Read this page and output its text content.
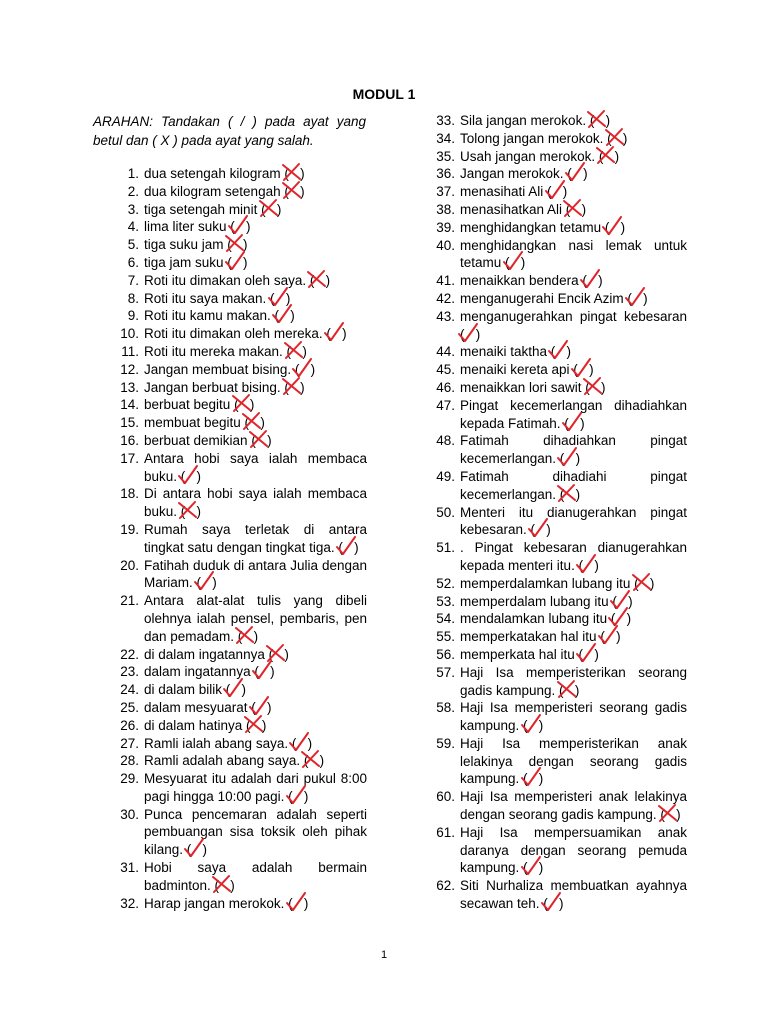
MODUL 1
ARAHAN: Tandakan ( / ) pada ayat yang betul dan ( X ) pada ayat yang salah.
1. dua setengah kilogram (
)
2. dua kilogram setengah (
)
3. tiga setengah minit (
)
4. lima liter suku (
)
5. tiga suku jam (
)
6. tiga jam suku (
)
7. Roti itu dimakan oleh saya. (
)
8. Roti itu saya makan. (
)
9. Roti itu kamu makan. (
)
10. Roti itu dimakan oleh mereka. (
)
11. Roti itu mereka makan. (
)
12. Jangan membuat bising. (
)
13. Jangan berbuat bising. (
)
14. berbuat begitu (
)
15. membuat begitu (
)
16. berbuat demikian (
)
17. Antara hobi saya ialah membaca buku. (
)
18. Di antara hobi saya ialah membaca buku. (
)
19. Rumah saya terletak di antara tingkat satu dengan tingkat tiga. (
)
20. Fatihah duduk di antara Julia dengan Mariam. (
)
21. Antara alat-alat tulis yang dibeli olehnya ialah pensel, pembaris, pen dan pemadam. (
)
22. di dalam ingatannya (
)
23. dalam ingatannya (
)
24. di dalam bilik (
)
25. dalam mesyuarat (
)
26. di dalam hatinya (
)
27. Ramli ialah abang saya. (
)
28. Ramli adalah abang saya. (
)
29. Mesyuarat itu adalah dari pukul 8:00 pagi hingga 10:00 pagi. (
)
30. Punca pencemaran adalah seperti pembuangan sisa toksik oleh pihak kilang. (
)
31. Hobi saya adalah bermain badminton. (
)
32. Harap jangan merokok. (
)
33. Sila jangan merokok. (
)
34. Tolong jangan merokok. (
)
35. Usah jangan merokok. (
)
36. Jangan merokok. (
)
37. menasihati Ali (
)
38. menasihatkan Ali (
)
39. menghidangkan tetamu (
)
40. menghidangkan nasi lemak untuk tetamu (
)
41. menaikkan bendera (
)
42. menganugerahi Encik Azim (
)
43. menganugerahkan pingat kebesaran (
)
44. menaiki taktha (
)
45. menaiki kereta api (
)
46. menaikkan lori sawit (
)
47. Pingat kecemerlangan dihadiahkan kepada Fatimah. (
)
48. Fatimah dihadiahkan pingat kecemerlangan. (
)
49. Fatimah dihadiahi pingat kecemerlangan. (
)
50. Menteri itu dianugerahkan pingat kebesaran. (
)
51. . Pingat kebesaran dianugerahkan kepada menteri itu. (
)
52. memperdalamkan lubang itu (
)
53. memperdalam lubang itu (
)
54. mendalamkan lubang itu (
)
55. memperkatakan hal itu (
)
56. memperkata hal itu (
)
57. Haji Isa memperisterikan seorang gadis kampung. (
)
58. Haji Isa memperisteri seorang gadis kampung. (
)
59. Haji Isa memperisterikan anak lelakinya dengan seorang gadis kampung. (
)
60. Haji Isa memperisteri anak lelakinya dengan seorang gadis kampung. (
)
61. Haji Isa mempersuamikan anak daranya dengan seorang pemuda kampung. (
)
62. Siti Nurhaliza membuatkan ayahnya secawan teh. (
)
1
